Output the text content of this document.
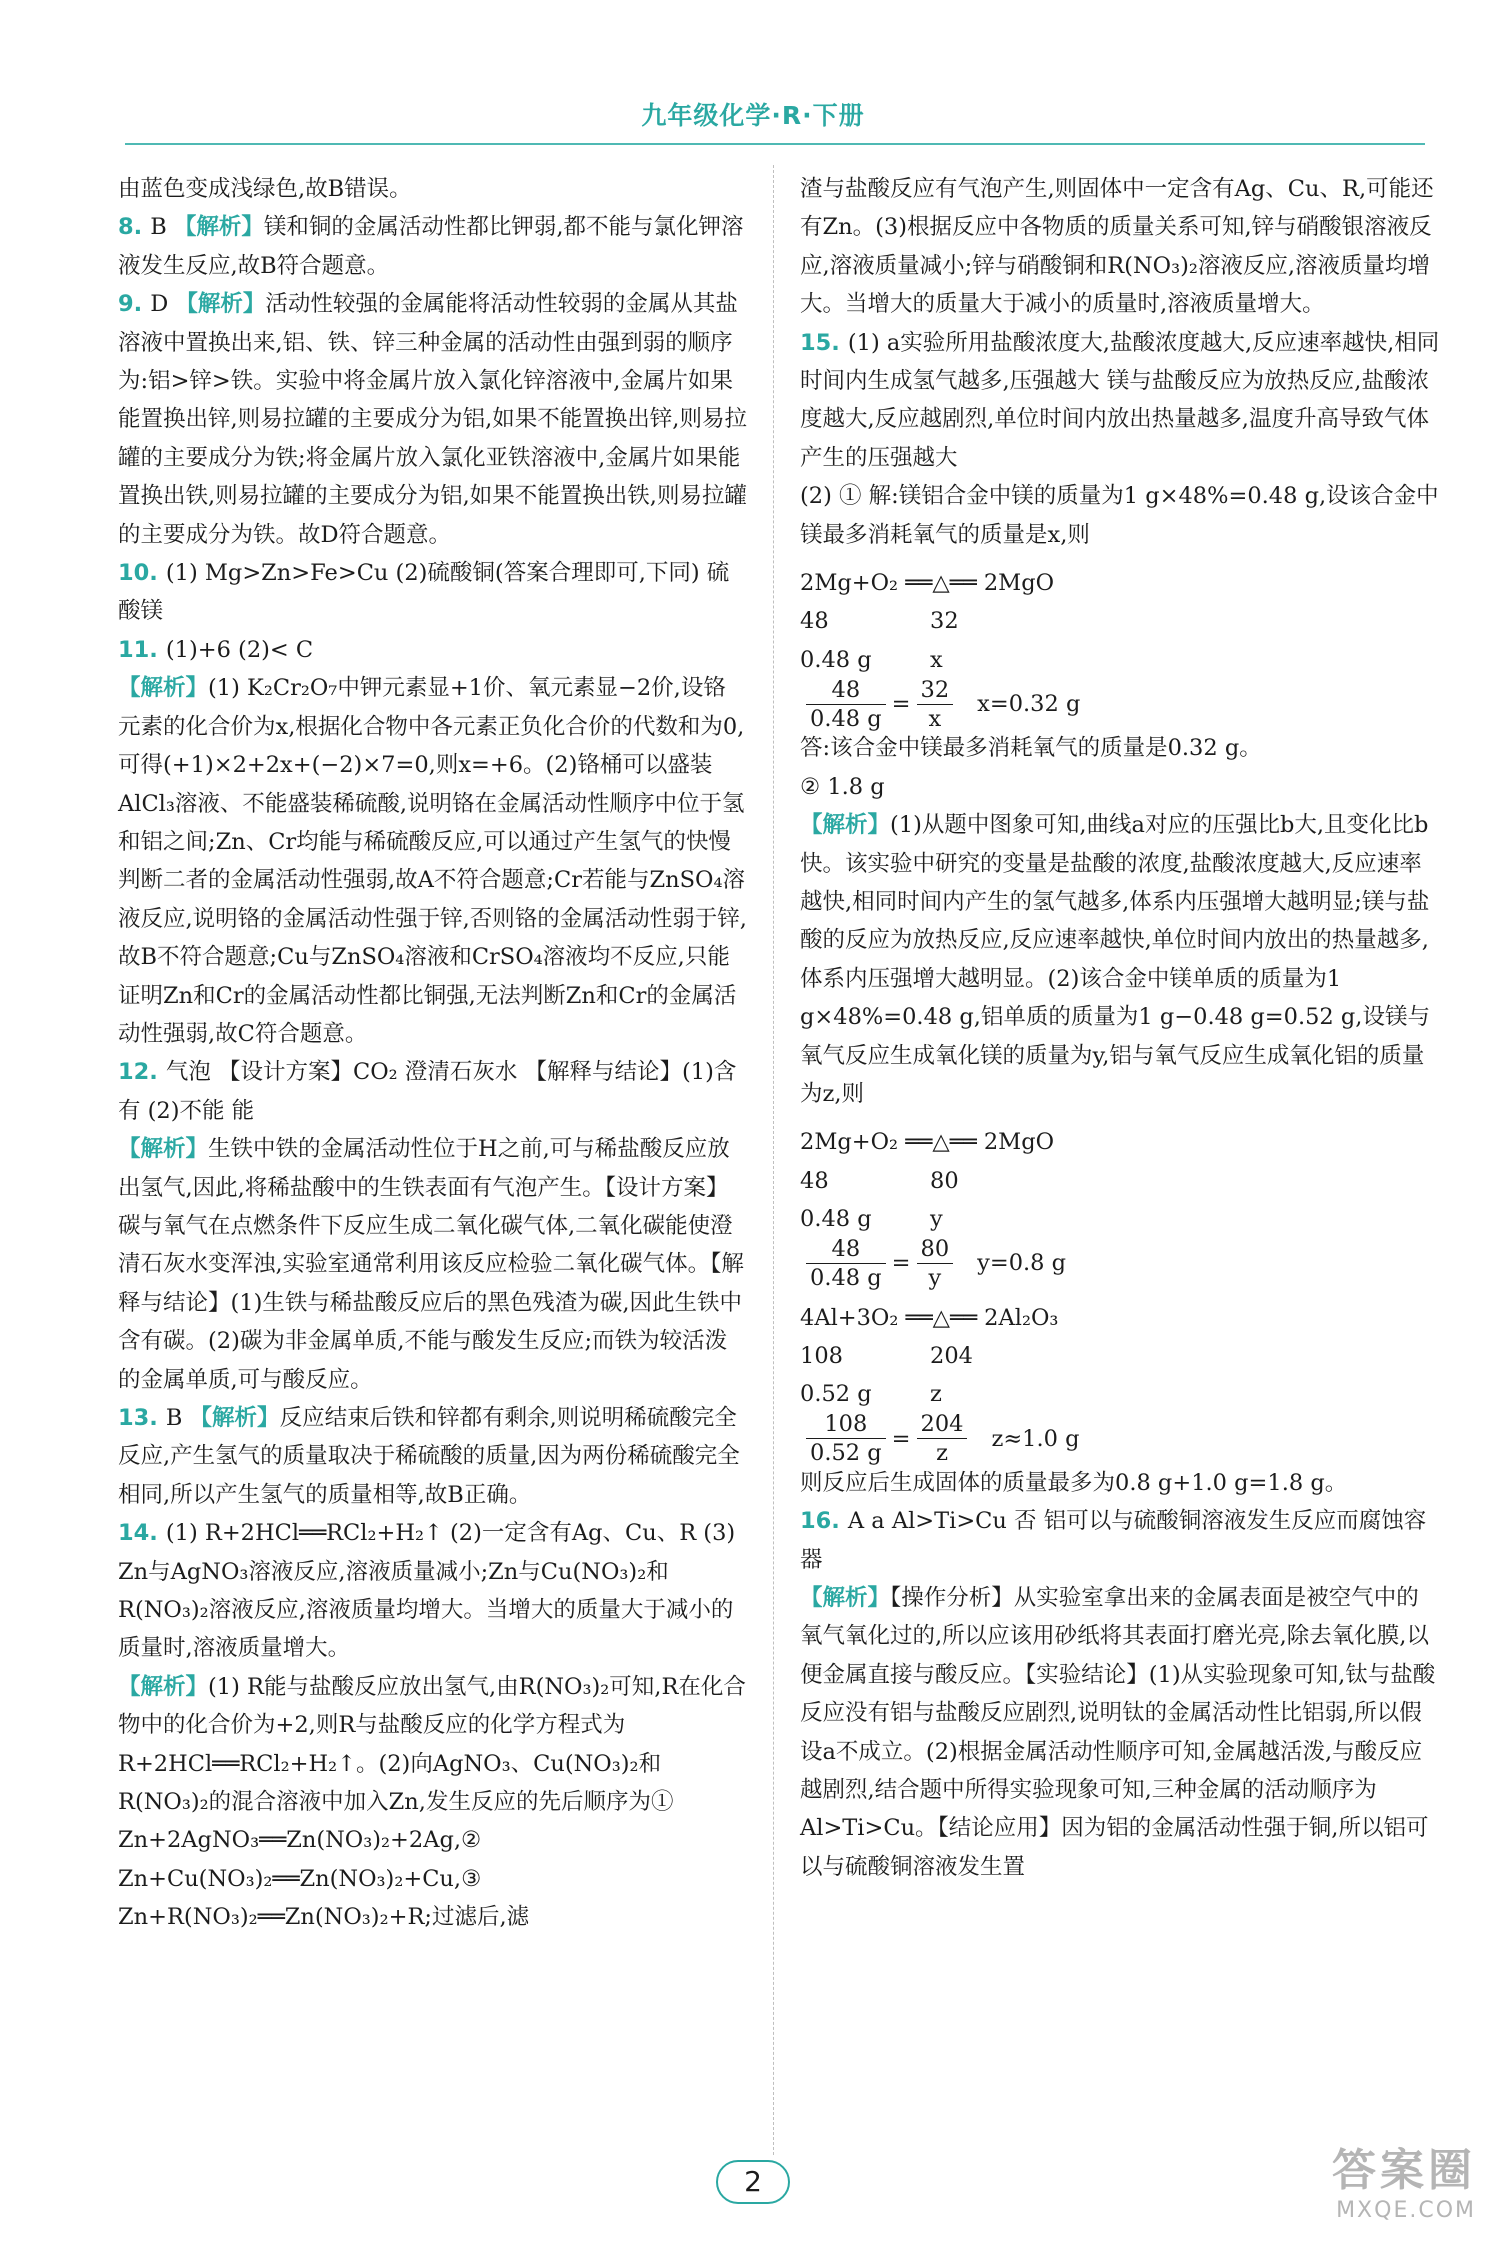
九年级化学·R·下册

由蓝色变成浅绿色,故B错误。

8. B 【解析】镁和铜的金属活动性都比钾弱,都不能与氯化钾溶液发生反应,故B符合题意。

9. D 【解析】活动性较强的金属能将活动性较弱的金属从其盐溶液中置换出来,铝、铁、锌三种金属的活动性由强到弱的顺序为:铝>锌>铁。实验中将金属片放入氯化锌溶液中,金属片如果能置换出锌,则易拉罐的主要成分为铝,如果不能置换出锌,则易拉罐的主要成分为铁;将金属片放入氯化亚铁溶液中,金属片如果能置换出铁,则易拉罐的主要成分为铝,如果不能置换出铁,则易拉罐的主要成分为铁。故D符合题意。

10. (1) Mg>Zn>Fe>Cu (2)硫酸铜(答案合理即可,下同) 硫酸镁

11. (1)+6 (2)< C

【解析】(1) K₂Cr₂O₇中钾元素显+1价、氧元素显−2价,设铬元素的化合价为x,根据化合物中各元素正负化合价的代数和为0,可得(+1)×2+2x+(−2)×7=0,则x=+6。(2)铬桶可以盛装AlCl₃溶液、不能盛装稀硫酸,说明铬在金属活动性顺序中位于氢和铝之间;Zn、Cr均能与稀硫酸反应,可以通过产生氢气的快慢判断二者的金属活动性强弱,故A不符合题意;Cr若能与ZnSO₄溶液反应,说明铬的金属活动性强于锌,否则铬的金属活动性弱于锌,故B不符合题意;Cu与ZnSO₄溶液和CrSO₄溶液均不反应,只能证明Zn和Cr的金属活动性都比铜强,无法判断Zn和Cr的金属活动性强弱,故C符合题意。

12. 气泡 【设计方案】CO₂ 澄清石灰水 【解释与结论】(1)含有 (2)不能 能

【解析】生铁中铁的金属活动性位于H之前,可与稀盐酸反应放出氢气,因此,将稀盐酸中的生铁表面有气泡产生。【设计方案】碳与氧气在点燃条件下反应生成二氧化碳气体,二氧化碳能使澄清石灰水变浑浊,实验室通常利用该反应检验二氧化碳气体。【解释与结论】(1)生铁与稀盐酸反应后的黑色残渣为碳,因此生铁中含有碳。(2)碳为非金属单质,不能与酸发生反应;而铁为较活泼的金属单质,可与酸反应。

13. B 【解析】反应结束后铁和锌都有剩余,则说明稀硫酸完全反应,产生氢气的质量取决于稀硫酸的质量,因为两份稀硫酸完全相同,所以产生氢气的质量相等,故B正确。

14. (1) R+2HCl══RCl₂+H₂↑ (2)一定含有Ag、Cu、R (3) Zn与AgNO₃溶液反应,溶液质量减小;Zn与Cu(NO₃)₂和R(NO₃)₂溶液反应,溶液质量均增大。当增大的质量大于减小的质量时,溶液质量增大。

【解析】(1) R能与盐酸反应放出氢气,由R(NO₃)₂可知,R在化合物中的化合价为+2,则R与盐酸反应的化学方程式为R+2HCl══RCl₂+H₂↑。(2)向AgNO₃、Cu(NO₃)₂和R(NO₃)₂的混合溶液中加入Zn,发生反应的先后顺序为① Zn+2AgNO₃══Zn(NO₃)₂+2Ag,② Zn+Cu(NO₃)₂══Zn(NO₃)₂+Cu,③ Zn+R(NO₃)₂══Zn(NO₃)₂+R;过滤后,滤

渣与盐酸反应有气泡产生,则固体中一定含有Ag、Cu、R,可能还有Zn。(3)根据反应中各物质的质量关系可知,锌与硝酸银溶液反应,溶液质量减小;锌与硝酸铜和R(NO₃)₂溶液反应,溶液质量均增大。当增大的质量大于减小的质量时,溶液质量增大。

15. (1) a实验所用盐酸浓度大,盐酸浓度越大,反应速率越快,相同时间内生成氢气越多,压强越大 镁与盐酸反应为放热反应,盐酸浓度越大,反应越剧烈,单位时间内放出热量越多,温度升高导致气体产生的压强越大

(2) ① 解:镁铝合金中镁的质量为1 g×48%=0.48 g,设该合金中镁最多消耗氧气的质量是x,则

2Mg+O₂ ══△══ 2MgO

48	32

0.48 g	x

$\frac{48}{0.48 g} = \frac{32}{x} x=0.32$ g

答:该合金中镁最多消耗氧气的质量是0.32 g。

② 1.8 g

【解析】(1)从题中图象可知,曲线a对应的压强比b大,且变化比b快。该实验中研究的变量是盐酸的浓度,盐酸浓度越大,反应速率越快,相同时间内产生的氢气越多,体系内压强增大越明显;镁与盐酸的反应为放热反应,反应速率越快,单位时间内放出的热量越多,体系内压强增大越明显。(2)该合金中镁单质的质量为1 g×48%=0.48 g,铝单质的质量为1 g−0.48 g=0.52 g,设镁与氧气反应生成氧化镁的质量为y,铝与氧气反应生成氧化铝的质量为z,则

2Mg+O₂ ══△══ 2MgO

48	80

0.48 g	y

$\frac{48}{0.48 g} = \frac{80}{y} y=0.8$ g

4Al+3O₂ ══△══ 2Al₂O₃

108	204

0.52 g	z

$\frac{108}{0.52 g} = \frac{204}{z} z\approx 1.0$ g

则反应后生成固体的质量最多为0.8 g+1.0 g=1.8 g。

16. A a Al>Ti>Cu 否 铝可以与硫酸铜溶液发生反应而腐蚀容器

【解析】【操作分析】从实验室拿出来的金属表面是被空气中的氧气氧化过的,所以应该用砂纸将其表面打磨光亮,除去氧化膜,以便金属直接与酸反应。【实验结论】(1)从实验现象可知,钛与盐酸反应没有铝与盐酸反应剧烈,说明钛的金属活动性比铝弱,所以假设a不成立。(2)根据金属活动性顺序可知,金属越活泼,与酸反应越剧烈,结合题中所得实验现象可知,三种金属的活动顺序为Al>Ti>Cu。【结论应用】因为铝的金属活动性强于铜,所以铝可以与硫酸铜溶液发生置

2	答案圈
MXQE.COM
